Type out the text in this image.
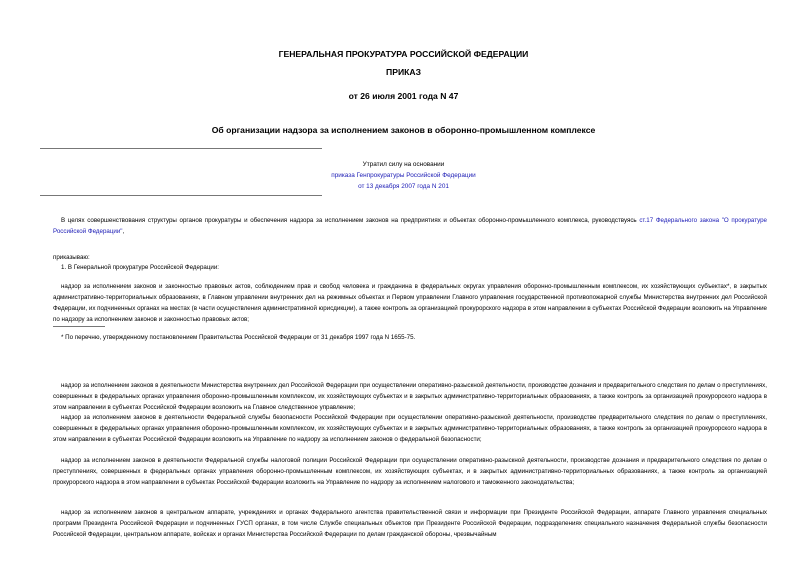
ГЕНЕРАЛЬНАЯ ПРОКУРАТУРА РОССИЙСКОЙ ФЕДЕРАЦИИ
ПРИКАЗ
от 26 июля 2001 года N 47
Об организации надзора за исполнением законов в оборонно-промышленном комплексе
Утратил силу на основании
приказа Генпрокуратуры Российской Федерации
от 13 декабря 2007 года N 201

В целях совершенствования структуры органов прокуратуры и обеспечения надзора за исполнением законов на предприятиях и объектах оборонно-промышленного комплекса, руководствуясь ст.17 Федерального закона "О прокуратуре Российской Федерации",

приказываю:

1. В Генеральной прокуратуре Российской Федерации:

надзор за исполнением законов и законностью правовых актов, соблюдением прав и свобод человека и гражданина в федеральных округах управления оборонно-промышленным комплексом, их хозяйствующих субъектах*, в закрытых административно-территориальных образованиях, в Главном управлении внутренних дел на режимных объектах и Первом управлении Главного управления государственной противопожарной службы Министерства внутренних дел Российской Федерации, их подчиненных органах на местах (в части осуществления административной юрисдикции), а также контроль за организацией прокурорского надзора в этом направлении в субъектах Российской Федерации возложить на Управление по надзору за исполнением законов и законностью правовых актов;

* По перечню, утвержденному постановлением Правительства Российской Федерации от 31 декабря 1997 года N 1655-75.

надзор за исполнением законов в деятельности Министерства внутренних дел Российской Федерации при осуществлении оперативно-разыскной деятельности, производстве дознания и предварительного следствия по делам о преступлениях, совершенных в федеральных органах управления оборонно-промышленным комплексом, их хозяйствующих субъектах и в закрытых административно-территориальных образованиях, а также контроль за организацией прокурорского надзора в этом направлении в субъектах Российской Федерации возложить на Главное следственное управление;

надзор за исполнением законов в деятельности Федеральной службы безопасности Российской Федерации при осуществлении оперативно-разыскной деятельности, производстве предварительного следствия по делам о преступлениях, совершенных в федеральных органах управления оборонно-промышленным комплексом, их хозяйствующих субъектах и в закрытых административно-территориальных образованиях, а также контроль за организацией прокурорского надзора в этом направлении в субъектах Российской Федерации возложить на Управление по надзору за исполнением законов о федеральной безопасности;

надзор за исполнением законов в деятельности Федеральной службы налоговой полиции Российской Федерации при осуществлении оперативно-разыскной деятельности, производстве дознания и предварительного следствия по делам о преступлениях, совершенных в федеральных органах управления оборонно-промышленным комплексом, их хозяйствующих субъектах, и в закрытых административно-территориальных образованиях, а также контроль за организацией прокурорского надзора в этом направлении в субъектах Российской Федерации возложить на Управление по надзору за исполнением налогового и таможенного законодательства;

надзор за исполнением законов в центральном аппарате, учреждениях и органах Федерального агентства правительственной связи и информации при Президенте Российской Федерации, аппарате Главного управления специальных программ Президента Российской Федерации и подчиненных ГУСП органах, в том числе Службе специальных объектов при Президенте Российской Федерации, подразделениях специального назначения Федеральной службы безопасности Российской Федерации, центральном аппарате, войсках и органах Министерства Российской Федерации по делам гражданской обороны, чрезвычайным
